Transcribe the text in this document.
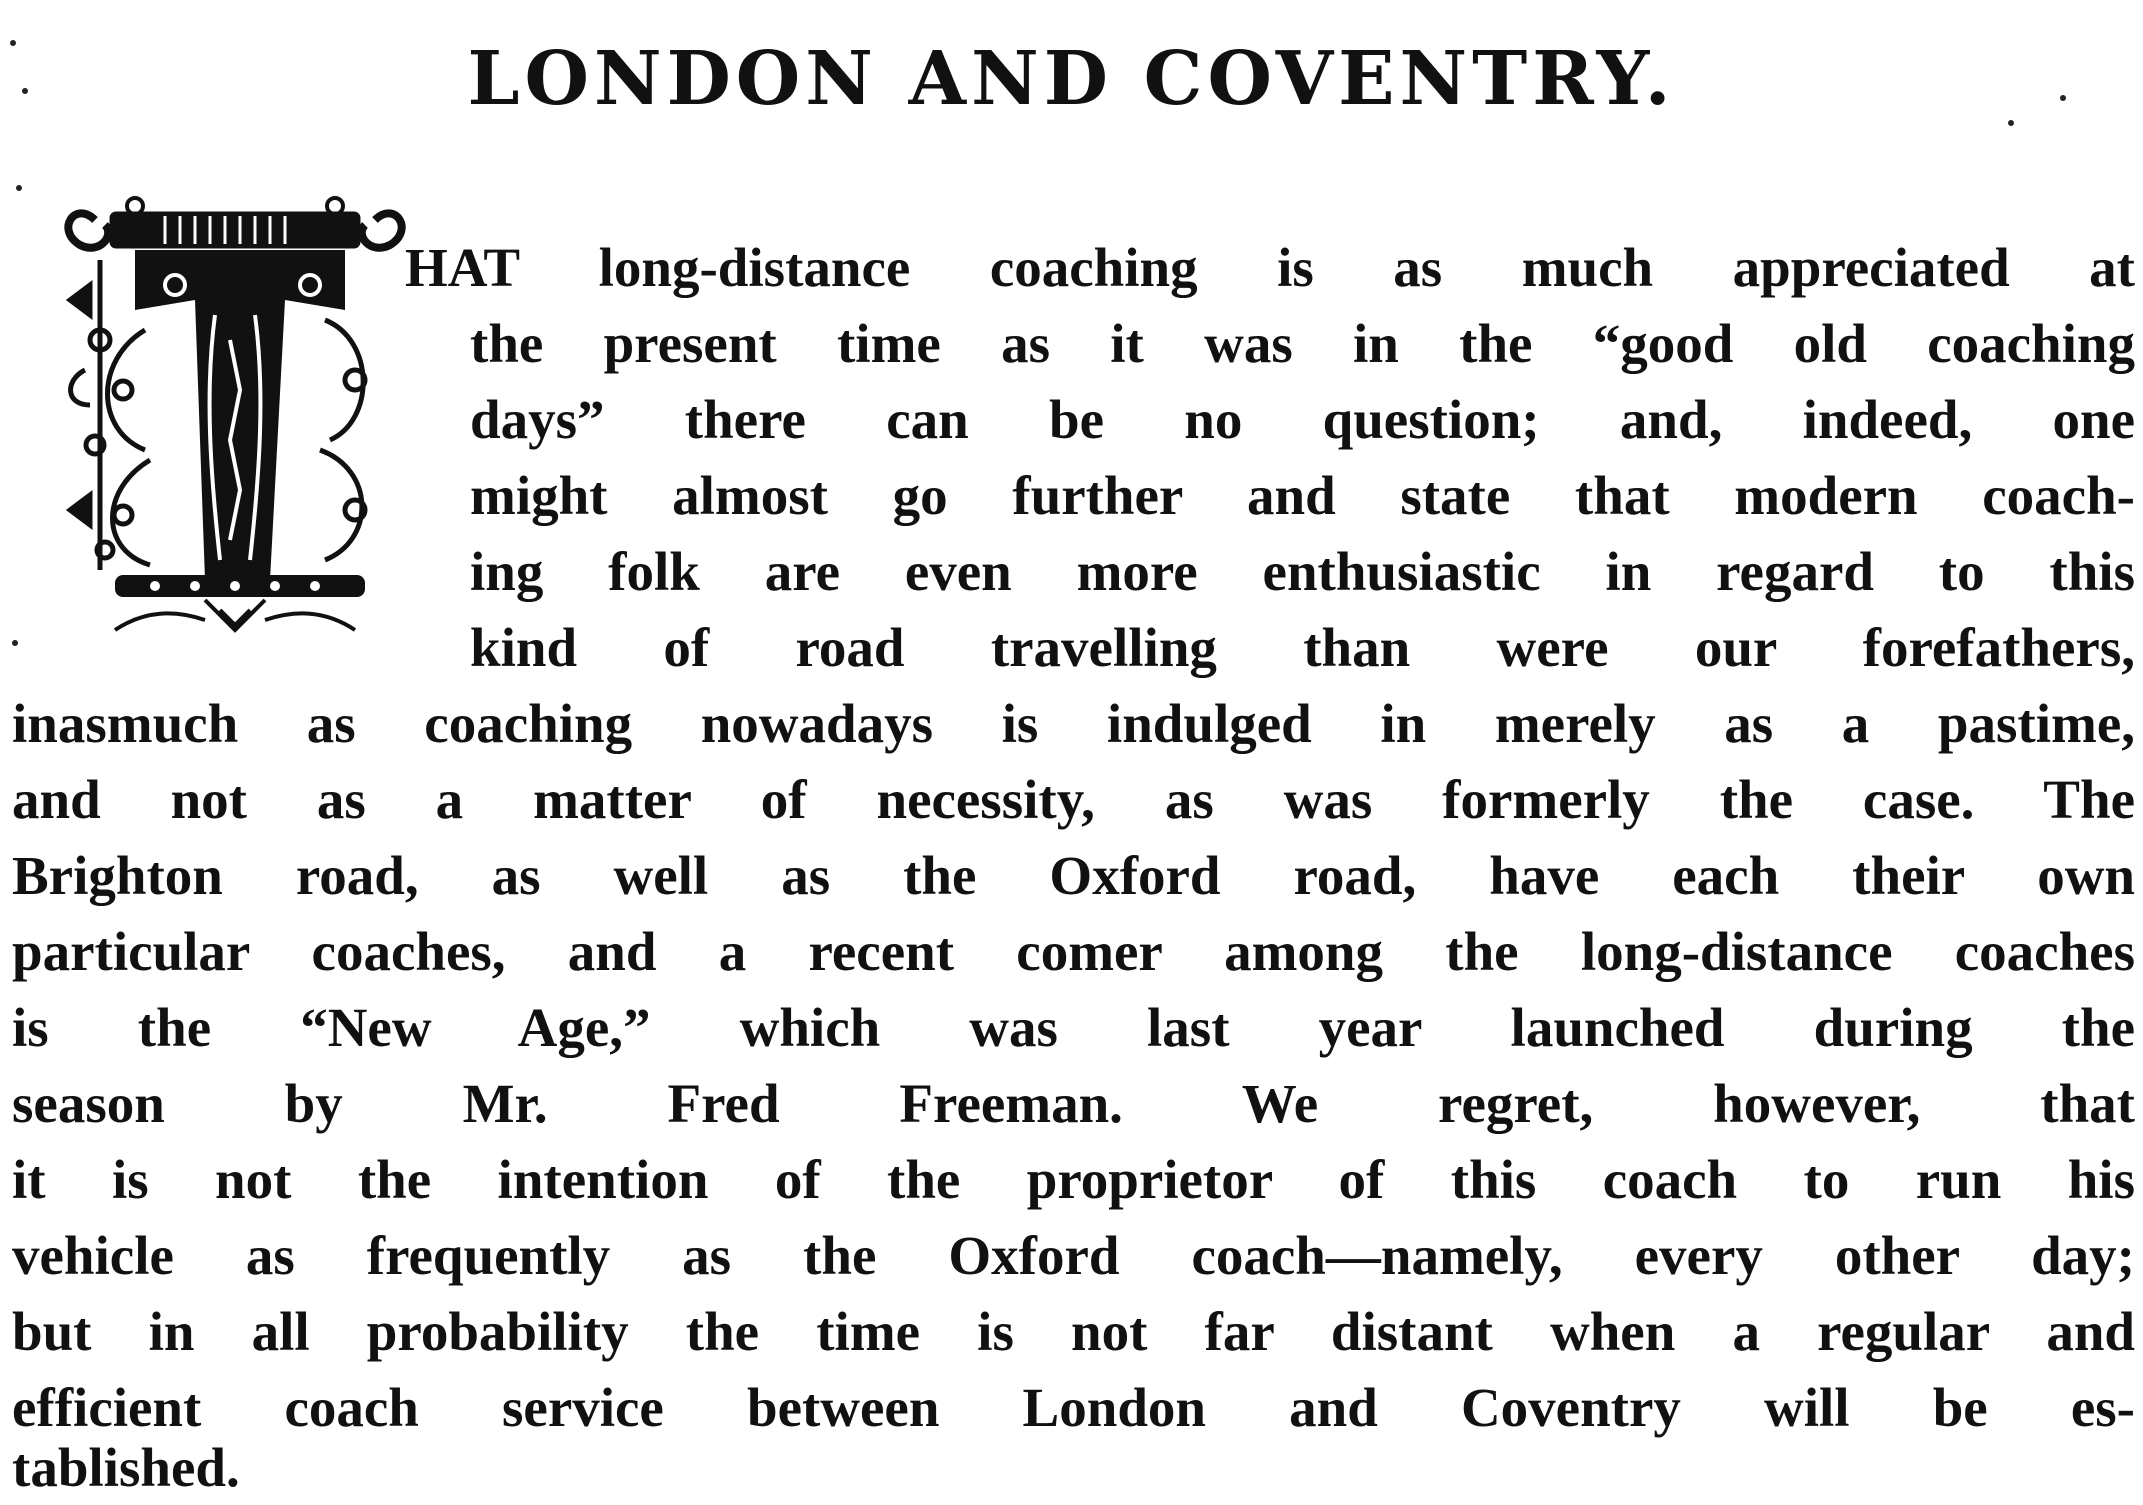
LONDON AND COVENTRY.
HAT long-distance coaching is as much appreciated at
the present time as it was in the “good old coaching
days” there can be no question; and, indeed, one
might almost go further and state that modern coach-
ing folk are even more enthusiastic in regard to this
kind of road travelling than were our forefathers,
inasmuch as coaching nowadays is indulged in merely as a pastime,
and not as a matter of necessity, as was formerly the case. The
Brighton road, as well as the Oxford road, have each their own
particular coaches, and a recent comer among the long-distance coaches
is the “New Age,” which was last year launched during the
season by Mr. Fred Freeman. We regret, however, that
it is not the intention of the proprietor of this coach to run his
vehicle as frequently as the Oxford coach—namely, every other day;
but in all probability the time is not far distant when a regular and
efficient coach service between London and Coventry will be es-
tablished.
